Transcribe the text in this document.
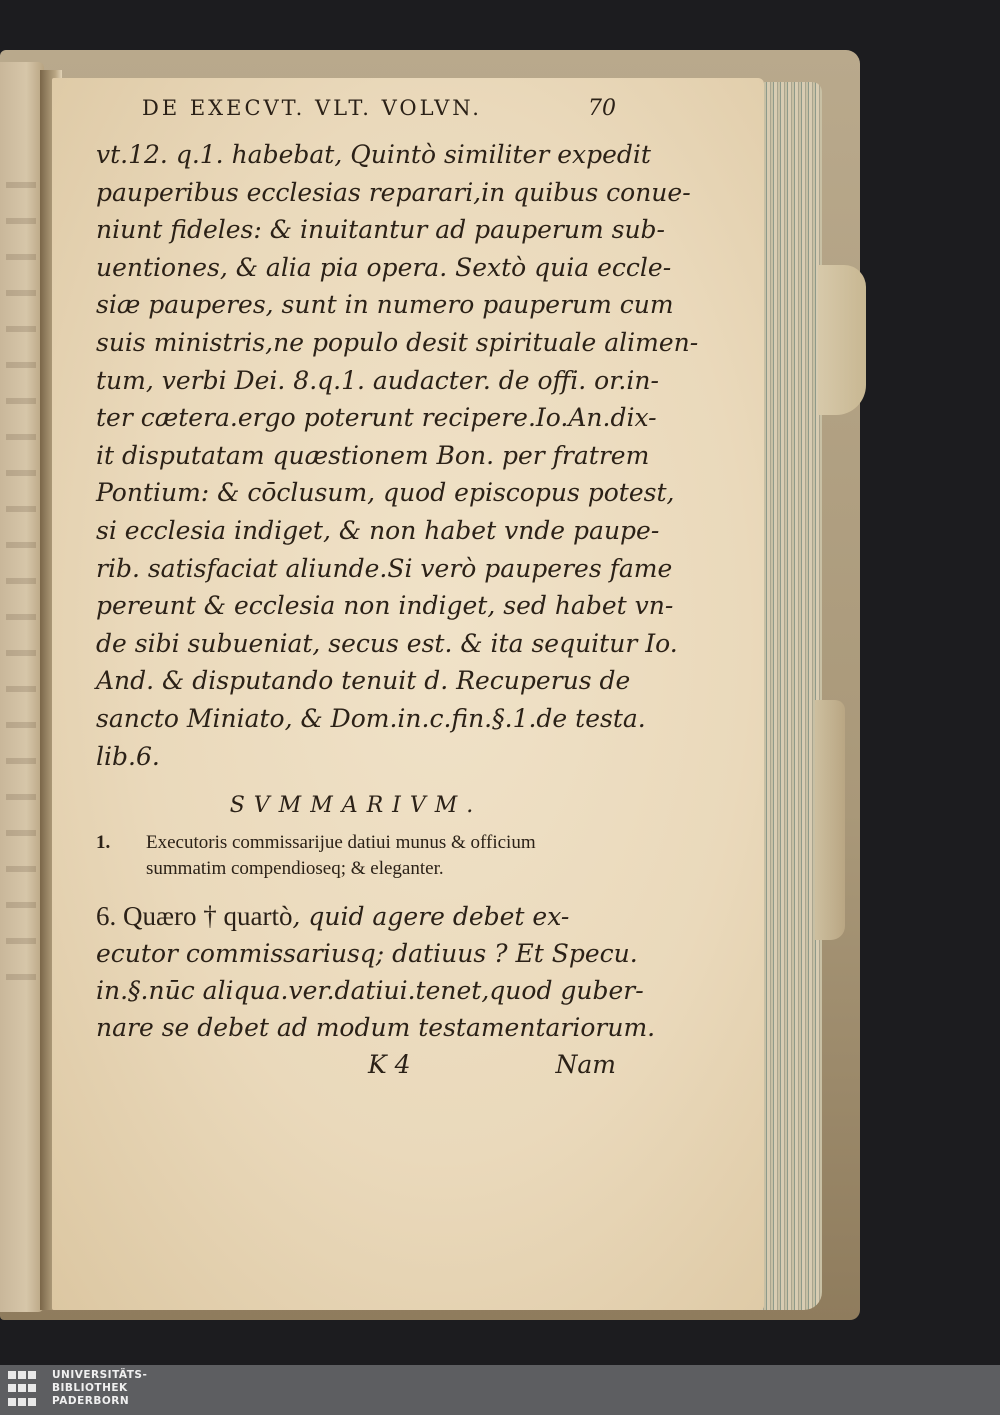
DE EXECVT. VLT. VOLVN.	70
vt.12. q.1. habebat, Quintò similiter expedit
pauperibus ecclesias reparari,in quibus conue-
niunt fideles: & inuitantur ad pauperum sub-
uentiones, & alia pia opera. Sextò quia eccle-
siæ pauperes, sunt in numero pauperum cum
suis ministris,ne populo desit spirituale alimen-
tum, verbi Dei. 8.q.1. audacter. de offi. or.in-
ter cætera.ergo poterunt recipere.Io.An.dix-
it disputatam quæstionem Bon. per fratrem
Pontium: & cōclusum, quod episcopus potest,
si ecclesia indiget, & non habet vnde paupe-
rib. satisfaciat aliunde.Si verò pauperes fame
pereunt & ecclesia non indiget, sed habet vn-
de sibi subueniat, secus est. & ita sequitur Io.
And. & disputando tenuit d. Recuperus de
sancto Miniato, & Dom.in.c.fin.§.1.de testa.
lib.6.
SVMMARIVM.
1.	Executoris commissarijue datiui munus & officium summatim compendioseq; & eleganter.
6. Quæro † quartò, quid agere debet ex-
ecutor commissariusq; datiuus ? Et Specu.
in.§.nūc aliqua.ver.datiui.tenet,quod guber-
nare se debet ad modum testamentariorum.
K 4	Nam
UNIVERSITÄTS-
BIBLIOTHEK
PADERBORN
